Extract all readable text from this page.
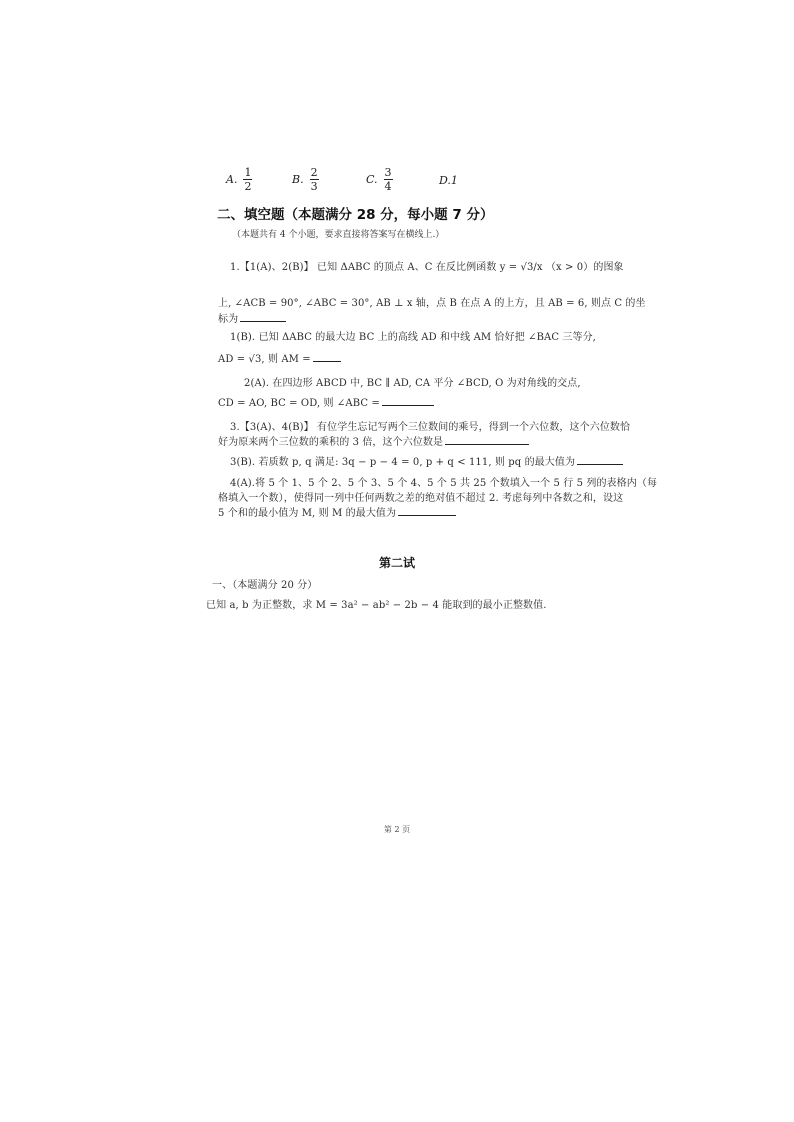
A. $\frac{1}{2}$	B. $\frac{2}{3}$	C. $\frac{3}{4}$	D.1
二、填空题（本题满分 28 分，每小题 7 分）
（本题共有 4 个小题，要求直接将答案写在横线上.）
1.【1(A)、2(B)】 已知 ΔABC 的顶点 A、C 在反比例函数 y = √3/x （x > 0）的图象
上, ∠ACB = 90°, ∠ABC = 30°, AB ⊥ x 轴，点 B 在点 A 的上方，且 AB = 6, 则点 C 的坐
标为
1(B). 已知 ΔABC 的最大边 BC 上的高线 AD 和中线 AM 恰好把 ∠BAC 三等分,
AD = √3, 则 AM =
2(A). 在四边形 ABCD 中, BC ∥ AD, CA 平分 ∠BCD, O 为对角线的交点,
CD = AO, BC = OD, 则 ∠ABC =
3.【3(A)、4(B)】 有位学生忘记写两个三位数间的乘号，得到一个六位数，这个六位数恰
好为原来两个三位数的乘积的 3 倍，这个六位数是
3(B). 若质数 p, q 满足: 3q − p − 4 = 0, p + q < 111, 则 pq 的最大值为
4(A).将 5 个 1、5 个 2、5 个 3、5 个 4、5 个 5 共 25 个数填入一个 5 行 5 列的表格内（每
格填入一个数），使得同一列中任何两数之差的绝对值不超过 2. 考虑每列中各数之和，设这
5 个和的最小值为 M, 则 M 的最大值为
第二试
一、（本题满分 20 分）
已知 a, b 为正整数，求 M = 3a² − ab² − 2b − 4 能取到的最小正整数值.
第 2 页
